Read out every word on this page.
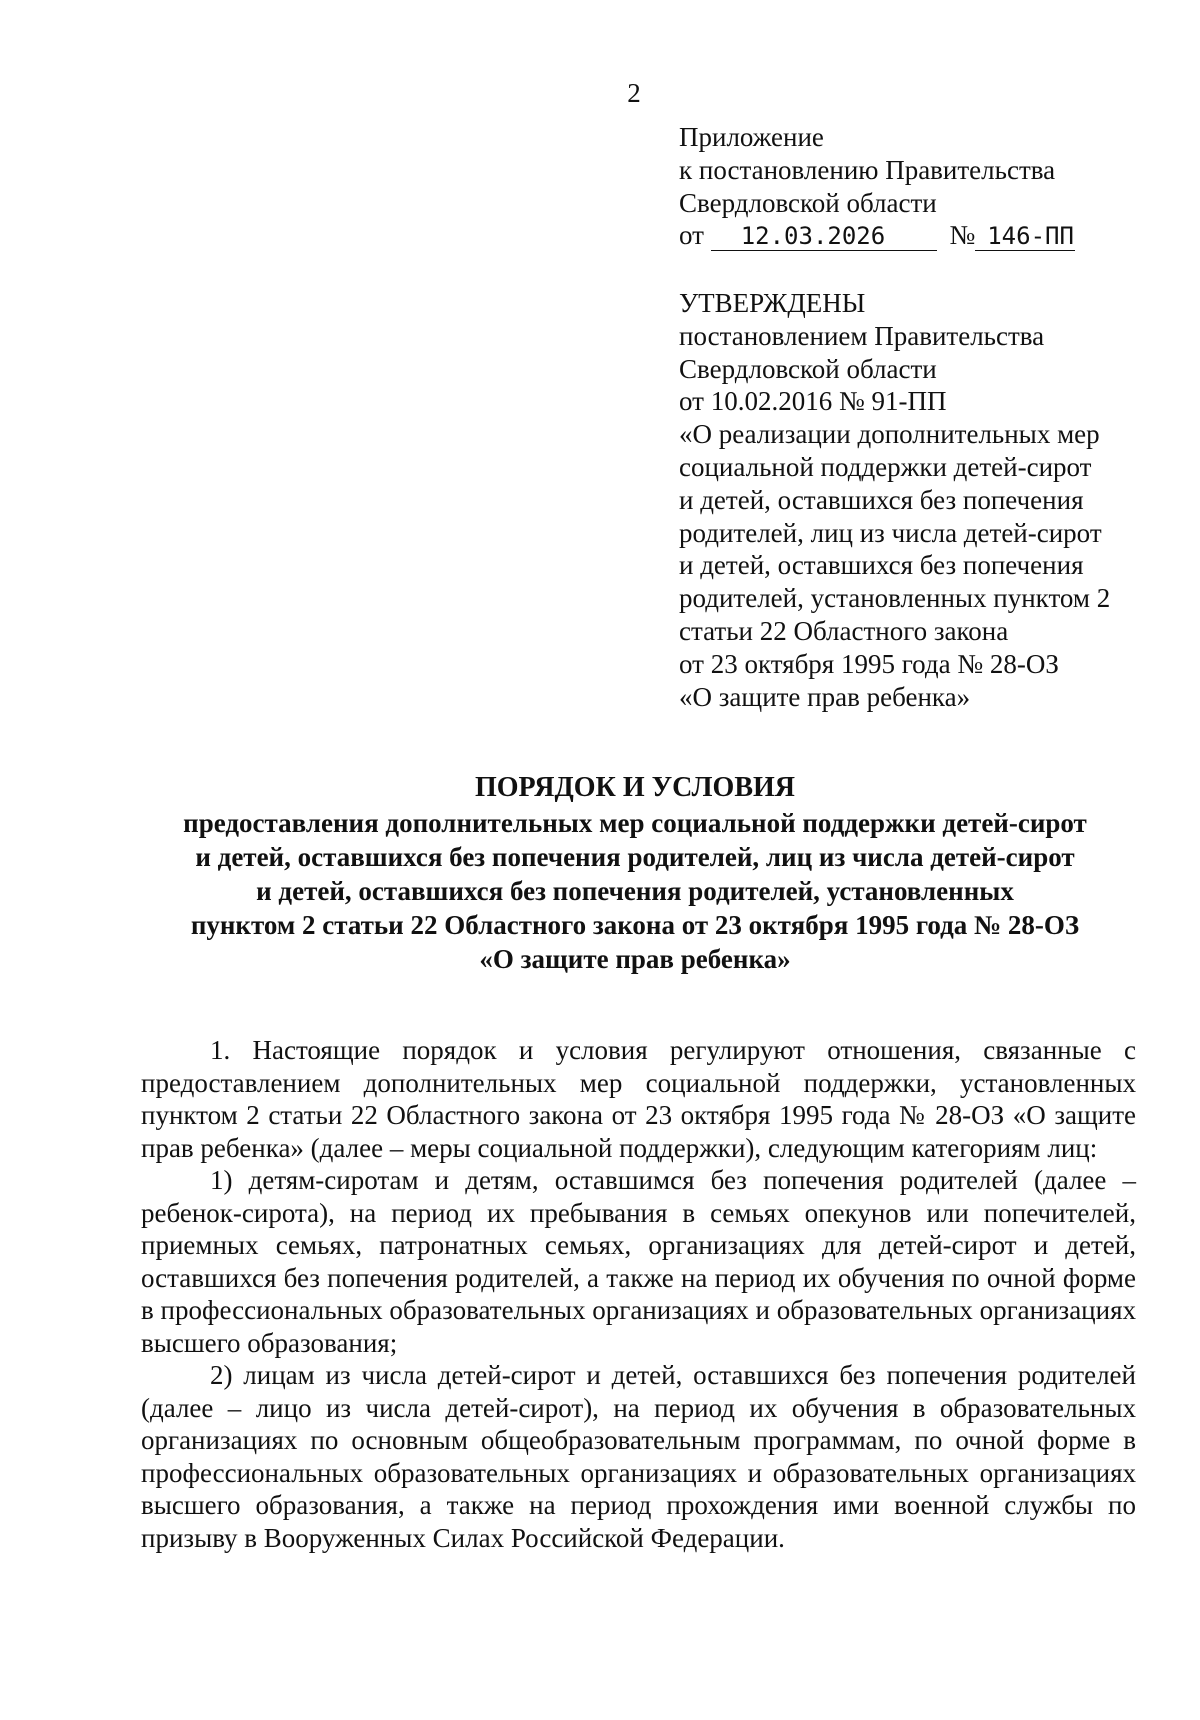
2
Приложение
к постановлению Правительства
Свердловской области
от 12.03.2026 № 146-ПП
УТВЕРЖДЕНЫ
постановлением Правительства
Свердловской области
от 10.02.2016 № 91-ПП
«О реализации дополнительных мер
социальной поддержки детей-сирот
и детей, оставшихся без попечения
родителей, лиц из числа детей-сирот
и детей, оставшихся без попечения
родителей, установленных пунктом 2
статьи 22 Областного закона
от 23 октября 1995 года № 28-ОЗ
«О защите прав ребенка»
ПОРЯДОК И УСЛОВИЯ
предоставления дополнительных мер социальной поддержки детей-сирот
и детей, оставшихся без попечения родителей, лиц из числа детей-сирот
и детей, оставшихся без попечения родителей, установленных
пунктом 2 статьи 22 Областного закона от 23 октября 1995 года № 28-ОЗ
«О защите прав ребенка»

1. Настоящие порядок и условия регулируют отношения, связанные с предоставлением дополнительных мер социальной поддержки, установленных пунктом 2 статьи 22 Областного закона от 23 октября 1995 года № 28-ОЗ «О защите прав ребенка» (далее – меры социальной поддержки), следующим категориям лиц:

1) детям-сиротам и детям, оставшимся без попечения родителей (далее – ребенок-сирота), на период их пребывания в семьях опекунов или попечителей, приемных семьях, патронатных семьях, организациях для детей-сирот и детей, оставшихся без попечения родителей, а также на период их обучения по очной форме в профессиональных образовательных организациях и образовательных организациях высшего образования;

2) лицам из числа детей-сирот и детей, оставшихся без попечения родителей (далее – лицо из числа детей-сирот), на период их обучения в образовательных организациях по основным общеобразовательным программам, по очной форме в профессиональных образовательных организациях и образовательных организациях высшего образования, а также на период прохождения ими военной службы по призыву в Вооруженных Силах Российской Федерации.
